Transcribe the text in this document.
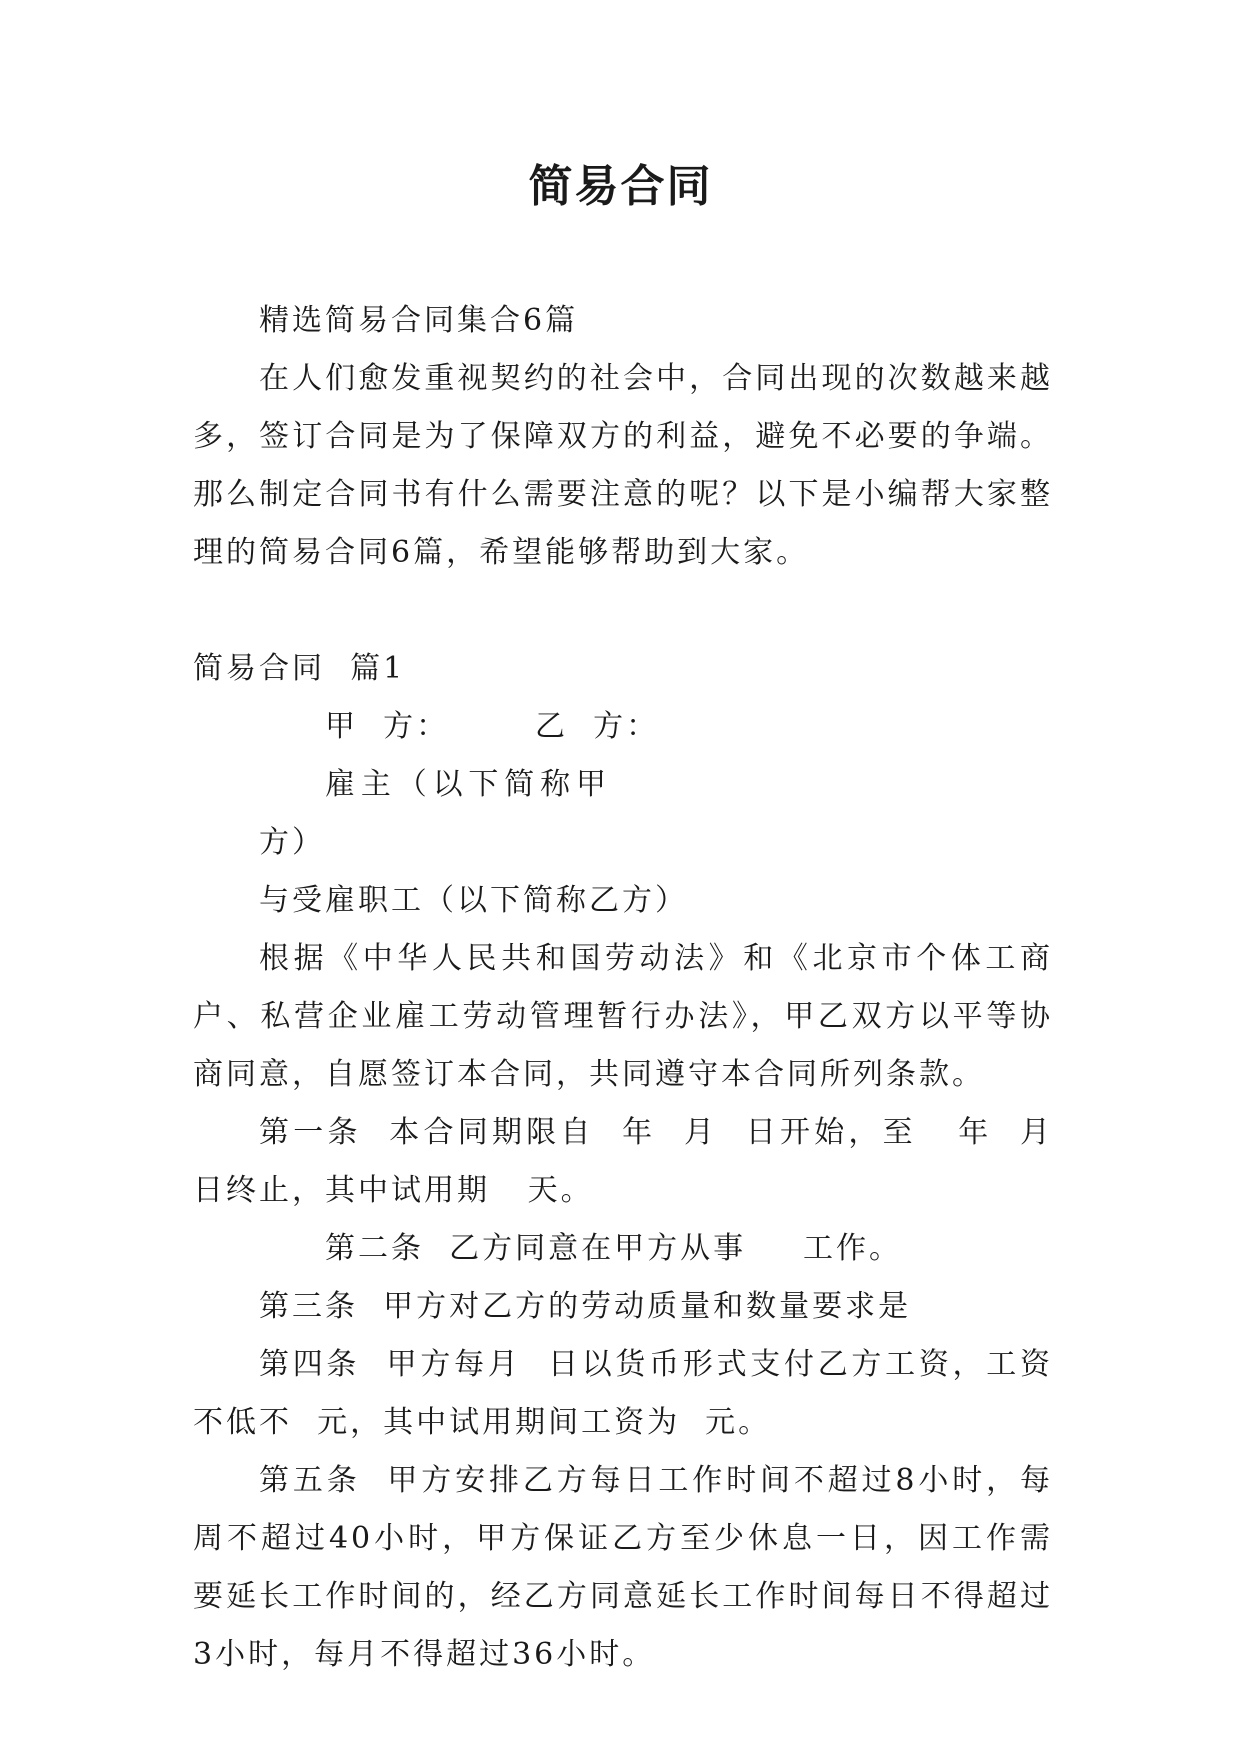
简易合同

精选简易合同集合6篇

在人们愈发重视契约的社会中，合同出现的次数越来越多，签订合同是为了保障双方的利益，避免不必要的争端。那么制定合同书有什么需要注意的呢？以下是小编帮大家整理的简易合同6篇，希望能够帮助到大家。

简易合同  篇1

甲  方：	乙  方：

雇主（以下简称甲方）与受雇职工（以下简称乙方）

根据《中华人民共和国劳动法》和《北京市个体工商户、私营企业雇工劳动管理暂行办法》，甲乙双方以平等协商同意，自愿签订本合同，共同遵守本合同所列条款。

第一条  本合同期限自  年  月  日开始，至   年  月  日终止，其中试用期   天。

第二条  乙方同意在甲方从事 工作。

第三条  甲方对乙方的劳动质量和数量要求是

第四条  甲方每月  日以货币形式支付乙方工资，工资不低不  元，其中试用期间工资为  元。

第五条  甲方安排乙方每日工作时间不超过8小时，每周不超过40小时，甲方保证乙方至少休息一日，因工作需要延长工作时间的，经乙方同意延长工作时间每日不得超过3小时，每月不得超过36小时。
